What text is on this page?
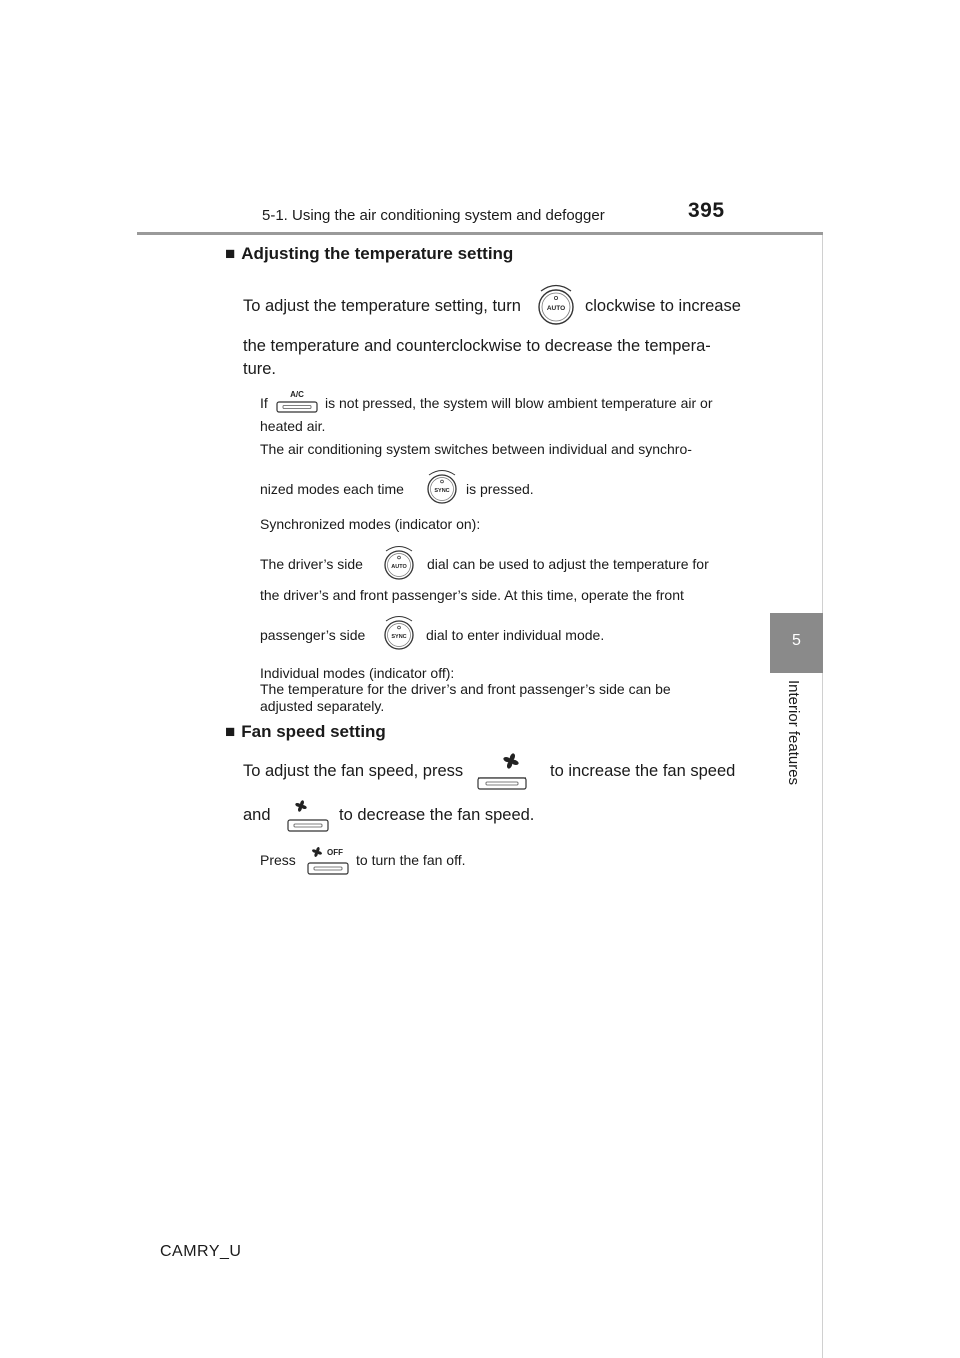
5-1. Using the air conditioning system and defogger	395
5
Interior features
■ Adjusting the temperature setting
To adjust the temperature setting, turn	AUTO clockwise to increase
the temperature and counterclockwise to decrease the tempera-
ture.
If
A/C
is not pressed, the system will blow ambient temperature air or
heated air.
The air conditioning system switches between individual and synchro-
nized modes each time	SYNC is pressed.
Synchronized modes (indicator on):
The driver’s side	AUTO dial can be used to adjust the temperature for
the driver’s and front passenger’s side. At this time, operate the front
passenger’s side	SYNC dial to enter individual mode.
Individual modes (indicator off):
The temperature for the driver’s and front passenger’s side can be
adjusted separately.
■ Fan speed setting
To adjust the fan speed, press	to increase the fan speed
and	to decrease the fan speed.
Press	OFF to turn the fan off.
CAMRY_U
